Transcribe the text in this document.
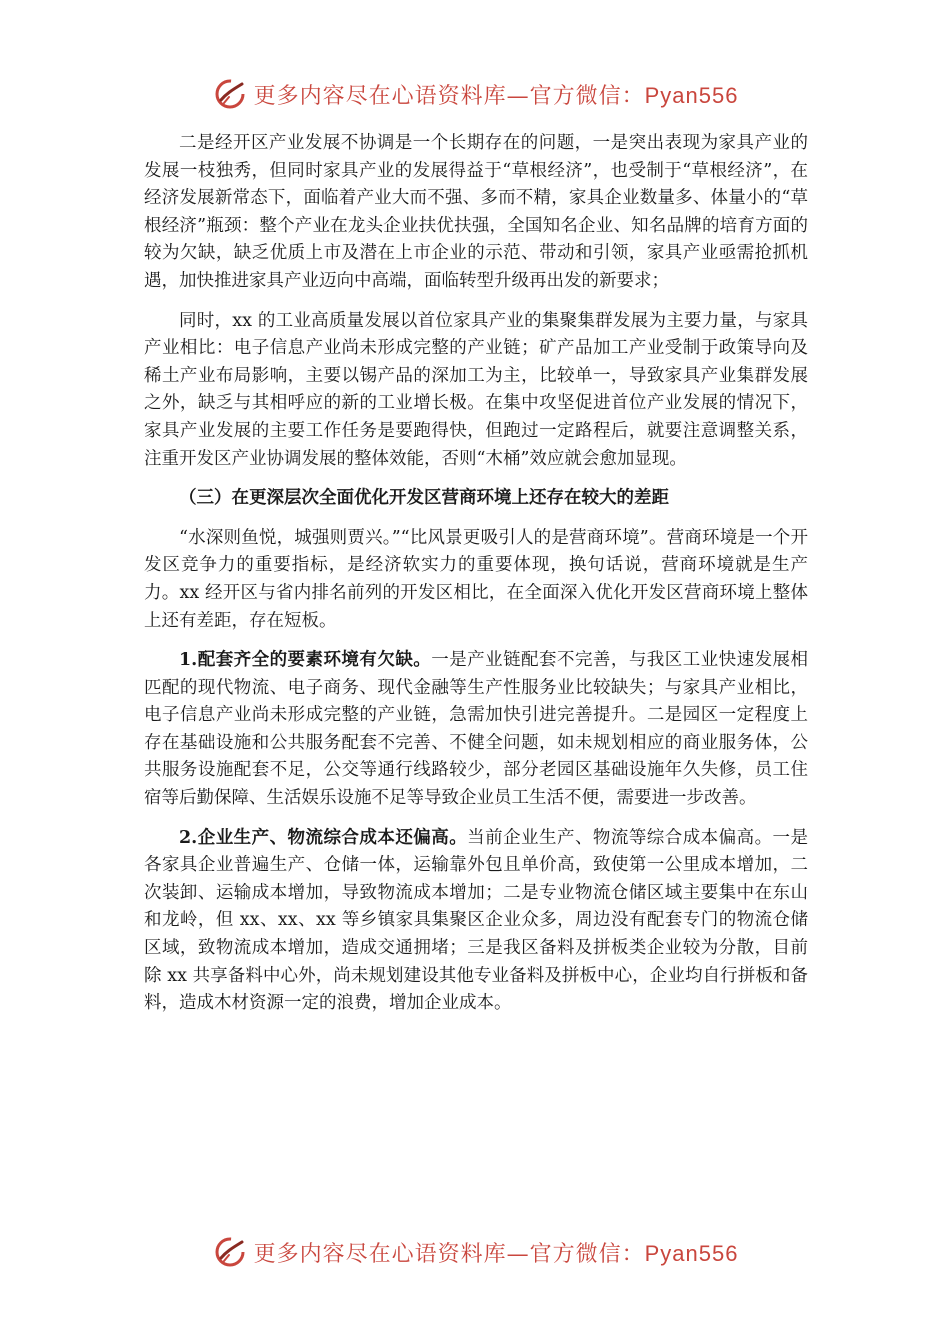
更多内容尽在心语资料库—官方微信：Pyan556

二是经开区产业发展不协调是一个长期存在的问题，一是突出表现为家具产业的发展一枝独秀，但同时家具产业的发展得益于“草根经济”，也受制于“草根经济”，在经济发展新常态下，面临着产业大而不强、多而不精，家具企业数量多、体量小的“草根经济”瓶颈：整个产业在龙头企业扶优扶强，全国知名企业、知名品牌的培育方面的较为欠缺，缺乏优质上市及潜在上市企业的示范、带动和引领，家具产业亟需抢抓机遇，加快推进家具产业迈向中高端，面临转型升级再出发的新要求；

同时，xx 的工业高质量发展以首位家具产业的集聚集群发展为主要力量，与家具产业相比：电子信息产业尚未形成完整的产业链；矿产品加工产业受制于政策导向及稀土产业布局影响，主要以锡产品的深加工为主，比较单一，导致家具产业集群发展之外，缺乏与其相呼应的新的工业增长极。在集中攻坚促进首位产业发展的情况下，家具产业发展的主要工作任务是要跑得快，但跑过一定路程后，就要注意调整关系，注重开发区产业协调发展的整体效能，否则“木桶”效应就会愈加显现。

（三）在更深层次全面优化开发区营商环境上还存在较大的差距

“水深则鱼悦，城强则贾兴。”“比风景更吸引人的是营商环境”。营商环境是一个开发区竞争力的重要指标，是经济软实力的重要体现，换句话说，营商环境就是生产力。xx 经开区与省内排名前列的开发区相比，在全面深入优化开发区营商环境上整体上还有差距，存在短板。

1.配套齐全的要素环境有欠缺。一是产业链配套不完善，与我区工业快速发展相匹配的现代物流、电子商务、现代金融等生产性服务业比较缺失；与家具产业相比，电子信息产业尚未形成完整的产业链，急需加快引进完善提升。二是园区一定程度上存在基础设施和公共服务配套不完善、不健全问题，如未规划相应的商业服务体，公共服务设施配套不足，公交等通行线路较少，部分老园区基础设施年久失修，员工住宿等后勤保障、生活娱乐设施不足等导致企业员工生活不便，需要进一步改善。

2.企业生产、物流综合成本还偏高。当前企业生产、物流等综合成本偏高。一是各家具企业普遍生产、仓储一体，运输靠外包且单价高，致使第一公里成本增加，二次装卸、运输成本增加，导致物流成本增加；二是专业物流仓储区域主要集中在东山和龙岭，但 xx、xx、xx 等乡镇家具集聚区企业众多，周边没有配套专门的物流仓储区域，致物流成本增加，造成交通拥堵；三是我区备料及拼板类企业较为分散，目前除 xx 共享备料中心外，尚未规划建设其他专业备料及拼板中心，企业均自行拼板和备料，造成木材资源一定的浪费，增加企业成本。

更多内容尽在心语资料库—官方微信：Pyan556
